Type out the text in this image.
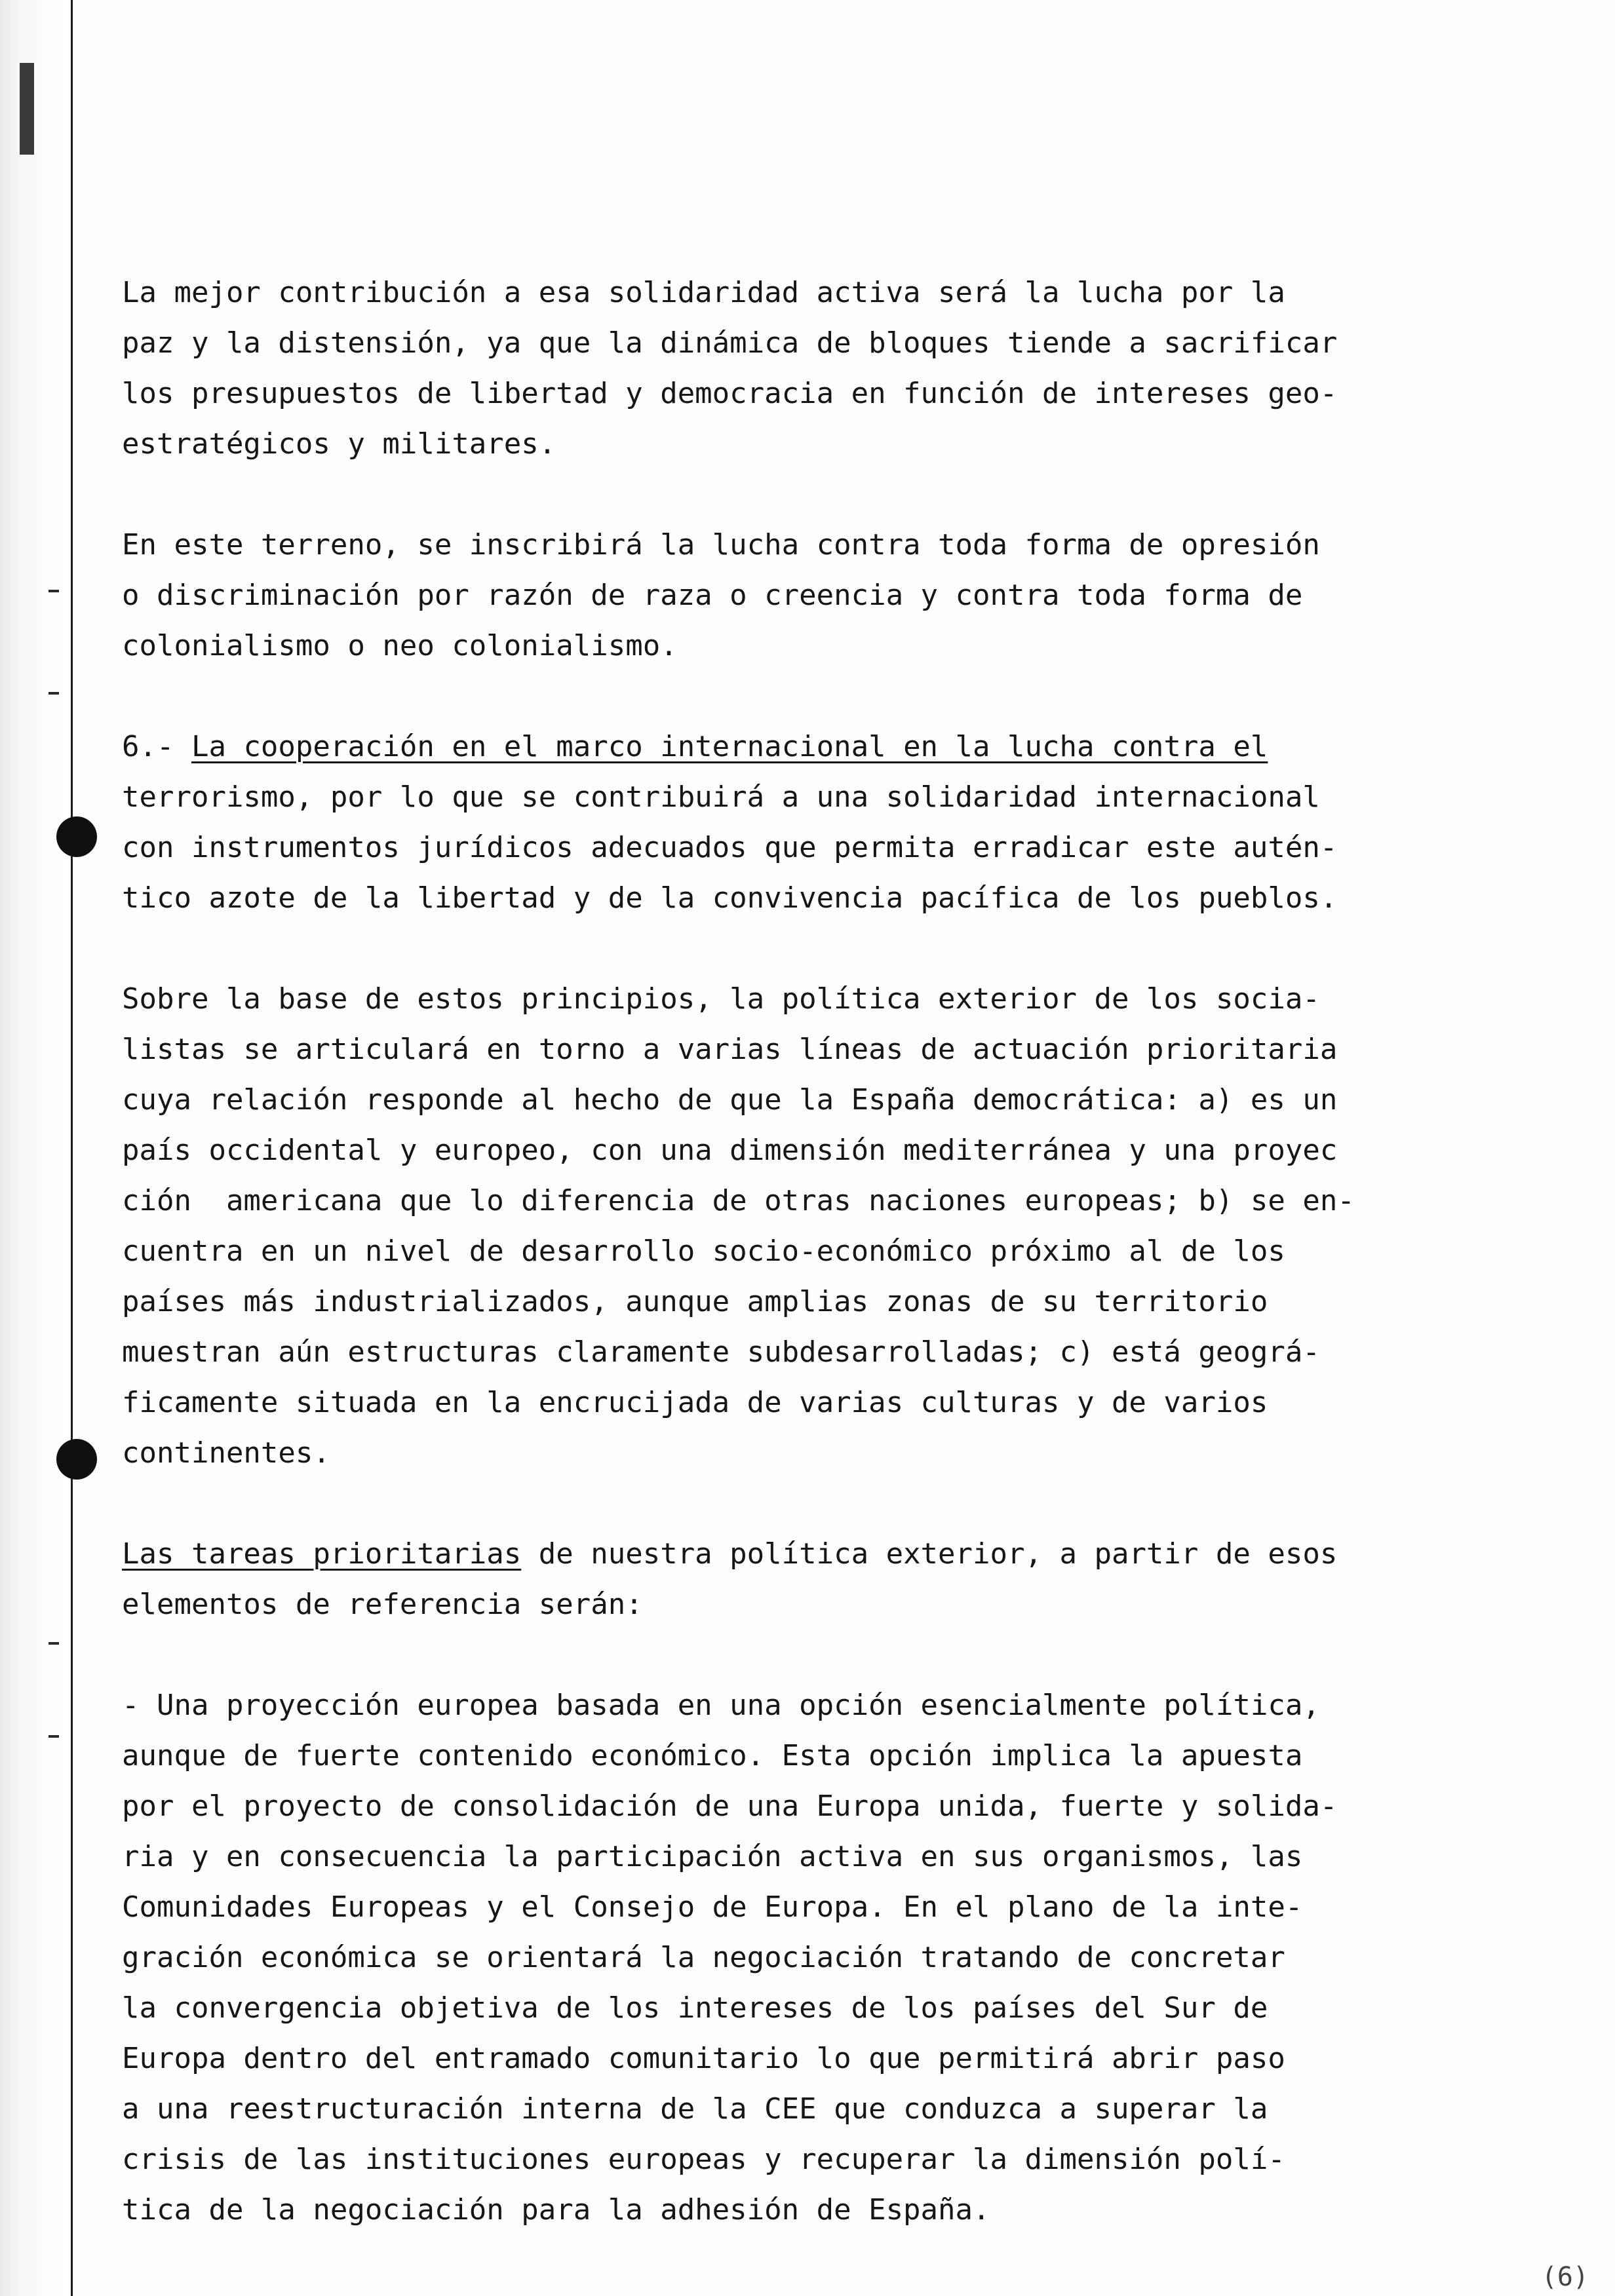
La mejor contribución a esa solidaridad activa será la lucha por la
paz y la distensión, ya que la dinámica de bloques tiende a sacrificar
los presupuestos de libertad y democracia en función de intereses geo-
estratégicos y militares.
En este terreno, se inscribirá la lucha contra toda forma de opresión
o discriminación por razón de raza o creencia y contra toda forma de
colonialismo o neo colonialismo.
6.- La cooperación en el marco internacional en la lucha contra el
terrorismo, por lo que se contribuirá a una solidaridad internacional
con instrumentos jurídicos adecuados que permita erradicar este autén-
tico azote de la libertad y de la convivencia pacífica de los pueblos.
Sobre la base de estos principios, la política exterior de los socia-
listas se articulará en torno a varias líneas de actuación prioritaria
cuya relación responde al hecho de que la España democrática: a) es un
país occidental y europeo, con una dimensión mediterránea y una proyec
ción  americana que lo diferencia de otras naciones europeas; b) se en-
cuentra en un nivel de desarrollo socio-económico próximo al de los
países más industrializados, aunque amplias zonas de su territorio
muestran aún estructuras claramente subdesarrolladas; c) está geográ-
ficamente situada en la encrucijada de varias culturas y de varios
continentes.
Las tareas prioritarias de nuestra política exterior, a partir de esos
elementos de referencia serán:
- Una proyección europea basada en una opción esencialmente política,
aunque de fuerte contenido económico. Esta opción implica la apuesta
por el proyecto de consolidación de una Europa unida, fuerte y solida-
ria y en consecuencia la participación activa en sus organismos, las
Comunidades Europeas y el Consejo de Europa. En el plano de la inte-
gración económica se orientará la negociación tratando de concretar
la convergencia objetiva de los intereses de los países del Sur de
Europa dentro del entramado comunitario lo que permitirá abrir paso
a una reestructuración interna de la CEE que conduzca a superar la
crisis de las instituciones europeas y recuperar la dimensión polí-
tica de la negociación para la adhesión de España.
(6)
